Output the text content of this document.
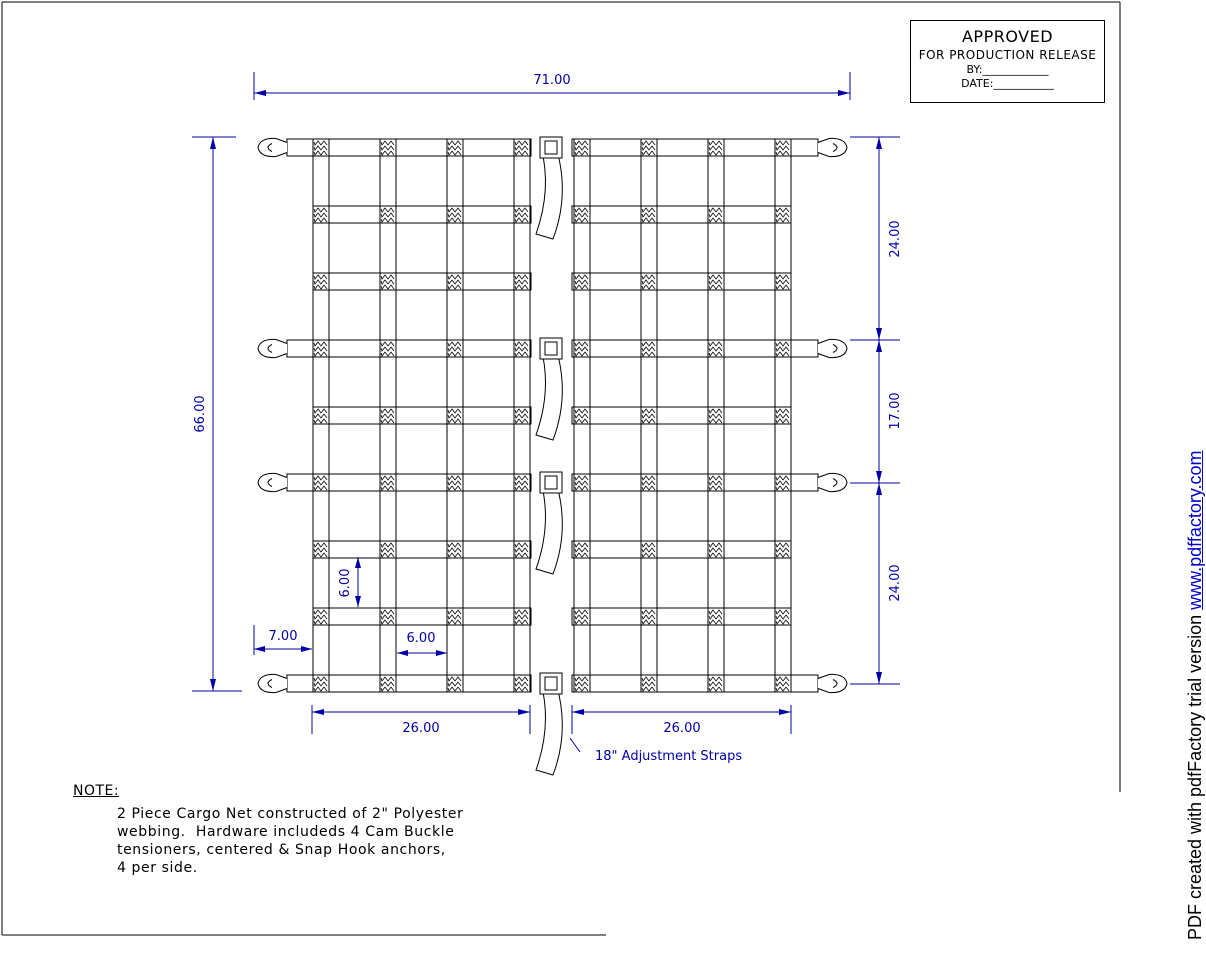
71.00
66.00
24.00
17.00
24.00
6.00
6.00
7.00
26.00	26.00
18" Adjustment Straps
APPROVED
FOR PRODUCTION RELEASE
BY:____________
DATE:___________
NOTE:
2 Piece Cargo Net constructed of 2" Polyester
webbing.  Hardware includeds 4 Cam Buckle
tensioners, centered & Snap Hook anchors,
4 per side.	PDF created with pdfFactory trial version www.pdffactory.com
